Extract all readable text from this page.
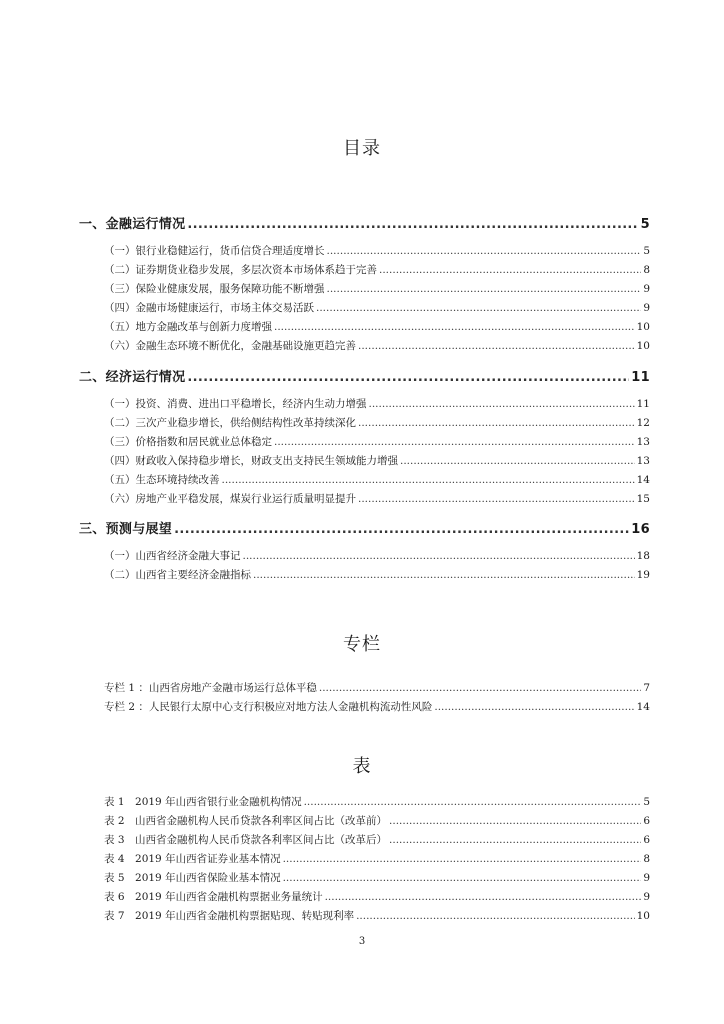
目录
一、金融运行情况 .....	5
（一）银行业稳健运行，货币信贷合理适度增长 .....	5
（二）证券期货业稳步发展，多层次资本市场体系趋于完善 .....	8
（三）保险业健康发展，服务保障功能不断增强 .....	9
（四）金融市场健康运行，市场主体交易活跃 .....	9
（五）地方金融改革与创新力度增强 .....	10
（六）金融生态环境不断优化，金融基础设施更趋完善 .....	10
二、经济运行情况 .....	11
（一）投资、消费、进出口平稳增长，经济内生动力增强 .....	11
（二）三次产业稳步增长，供给侧结构性改革持续深化 .....	12
（三）价格指数和居民就业总体稳定 .....	13
（四）财政收入保持稳步增长，财政支出支持民生领域能力增强 .....	13
（五）生态环境持续改善 .....	14
（六）房地产业平稳发展，煤炭行业运行质量明显提升 .....	15
三、预测与展望 .....	16
（一）山西省经济金融大事记 .....	18
（二）山西省主要经济金融指标 .....	19
专栏
专栏 1 ：山西省房地产金融市场运行总体平稳 .....	7
专栏 2 ：人民银行太原中心支行积极应对地方法人金融机构流动性风险 .....	14
表
表 1　2019 年山西省银行业金融机构情况 .....	5
表 2　山西省金融机构人民币贷款各利率区间占比（改革前） .....	6
表 3　山西省金融机构人民币贷款各利率区间占比（改革后） .....	6
表 4　2019 年山西省证券业基本情况 .....	8
表 5　2019 年山西省保险业基本情况 .....	9
表 6　2019 年山西省金融机构票据业务量统计 .....	9
表 7　2019 年山西省金融机构票据贴现、转贴现利率 .....	10
3
